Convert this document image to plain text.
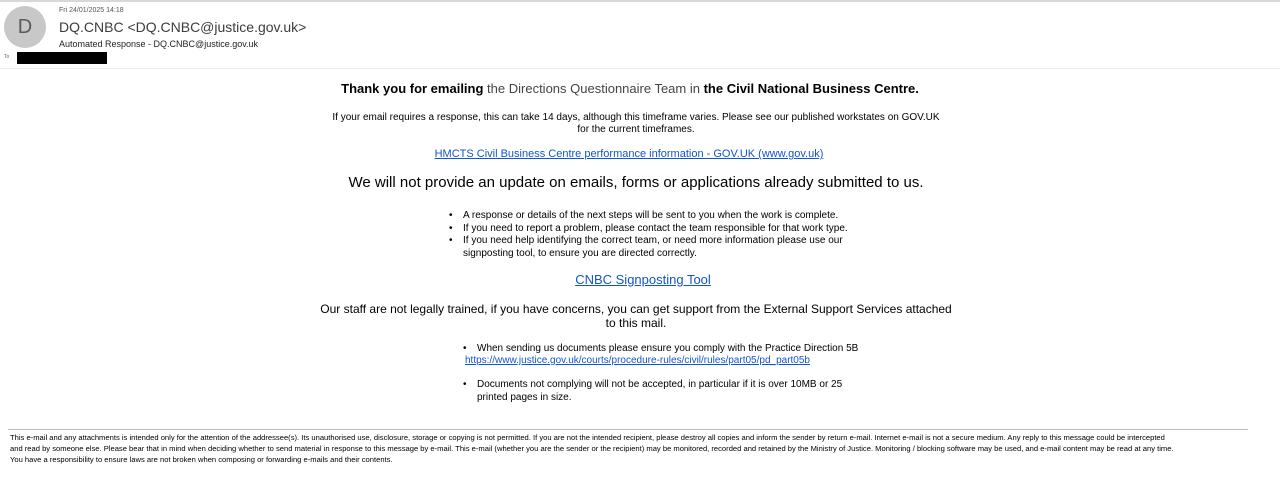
D
Fri 24/01/2025 14:18
DQ.CNBC <DQ.CNBC@justice.gov.uk>
Automated Response - DQ.CNBC@justice.gov.uk
To
Thank you for emailing the Directions Questionnaire Team in the Civil National Business Centre.
If your email requires a response, this can take 14 days, although this timeframe varies. Please see our published workstates on GOV.UK
for the current timeframes.
HMCTS Civil Business Centre performance information - GOV.UK (www.gov.uk)
We will not provide an update on emails, forms or applications already submitted to us.
• A response or details of the next steps will be sent to you when the work is complete.
• If you need to report a problem, please contact the team responsible for that work type.
• If you need help identifying the correct team, or need more information please use our
signposting tool, to ensure you are directed correctly.
CNBC Signposting Tool
Our staff are not legally trained, if you have concerns, you can get support from the External Support Services attached
to this mail.
• When sending us documents please ensure you comply with the Practice Direction 5B
https://www.justice.gov.uk/courts/procedure-rules/civil/rules/part05/pd_part05b
• Documents not complying will not be accepted, in particular if it is over 10MB or 25
printed pages in size.
This e-mail and any attachments is intended only for the attention of the addressee(s). Its unauthorised use, disclosure, storage or copying is not permitted. If you are not the intended recipient, please destroy all copies and inform the sender by return e-mail. Internet e-mail is not a secure medium. Any reply to this message could be intercepted
and read by someone else. Please bear that in mind when deciding whether to send material in response to this message by e-mail. This e-mail (whether you are the sender or the recipient) may be monitored, recorded and retained by the Ministry of Justice. Monitoring / blocking software may be used, and e-mail content may be read at any time.
You have a responsibility to ensure laws are not broken when composing or forwarding e-mails and their contents.
